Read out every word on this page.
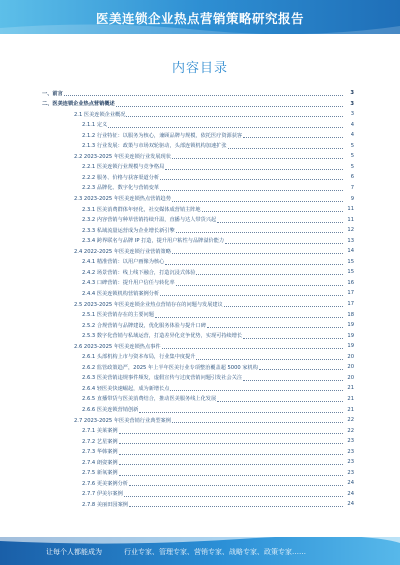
医美连锁企业热点营销策略研究报告
内容目录
一、前言	3
二、医美连锁企业热点营销概述	3
2.1 医美连锁企业概况	3
2.1.1 定义	4
2.1.2 行业特征：以服务为核心，兼顾品牌与规模，依托医疗资源获客	4
2.1.3 行业发展：政策与市场双轮驱动，头部连锁机构加速扩张	5
2.2 2023-2025 年医美连锁行业发展现状	5
2.2.1 医美连锁行业规模与竞争格局	5
2.2.2 服务、价格与获客渠道分析	6
2.2.3 品牌化、数字化与营销变革	7
2.3 2023-2025 年医美连锁热点营销趋势	9
2.3.1 医美消费群体年轻化，社交媒体成营销主阵地	11
2.3.2 内容营销与种草营销持续升温，直播与达人带货兴起	11
2.3.3 私域流量运营成为企业增长新引擎	12
2.3.4 跨界联名与品牌 IP 打造，提升用户粘性与品牌溢价能力	13
2.4 2022-2025 年医美连锁行业营销策略	14
2.4.1 精准营销：以用户画像为核心	15
2.4.2 场景营销：线上线下融合，打造沉浸式体验	15
2.4.3 口碑营销：提升用户信任与转化率	16
2.4.4 医美连锁机构营销案例分析	17
2.5 2023-2025 年医美连锁企业热点营销存在的问题与发展建议	17
2.5.1 医美营销存在的主要问题	18
2.5.2 合规营销与品牌建设，优化服务体验与提升口碑	19
2.5.3 数字化营销与私域运营，打造差异化竞争优势，实现可持续增长	19
2.6 2023-2025 年医美连锁热点事件	19
2.6.1 头部机构上市与资本布局，行业集中度提升	20
2.6.2 监管政策趋严，2025 年上半年医美行业专项整治覆盖超 5000 家机构	20
2.6.3 医美营销违规事件频发，虚假宣传与过度营销问题引发社会关注	20
2.6.4 轻医美快速崛起，成为新增长点	21
2.6.5 直播带货与医美消费结合，推动医美服务线上化发展	21
2.6.6 医美连锁营销创新	21
2.7 2023-2025 年医美营销行业典型案例	22
2.7.1 美莱案例	22
2.7.2 艺星案例	23
2.7.3 华韩案例	23
2.7.4 朗姿案例	23
2.7.5 新氧案例	23
2.7.6 更美案例分析	24
2.7.7 伊美尔案例	24
2.7.8 美丽田园案例	24
让每个人都能成为	行业专家、管理专家、营销专家、战略专家、政策专家……
